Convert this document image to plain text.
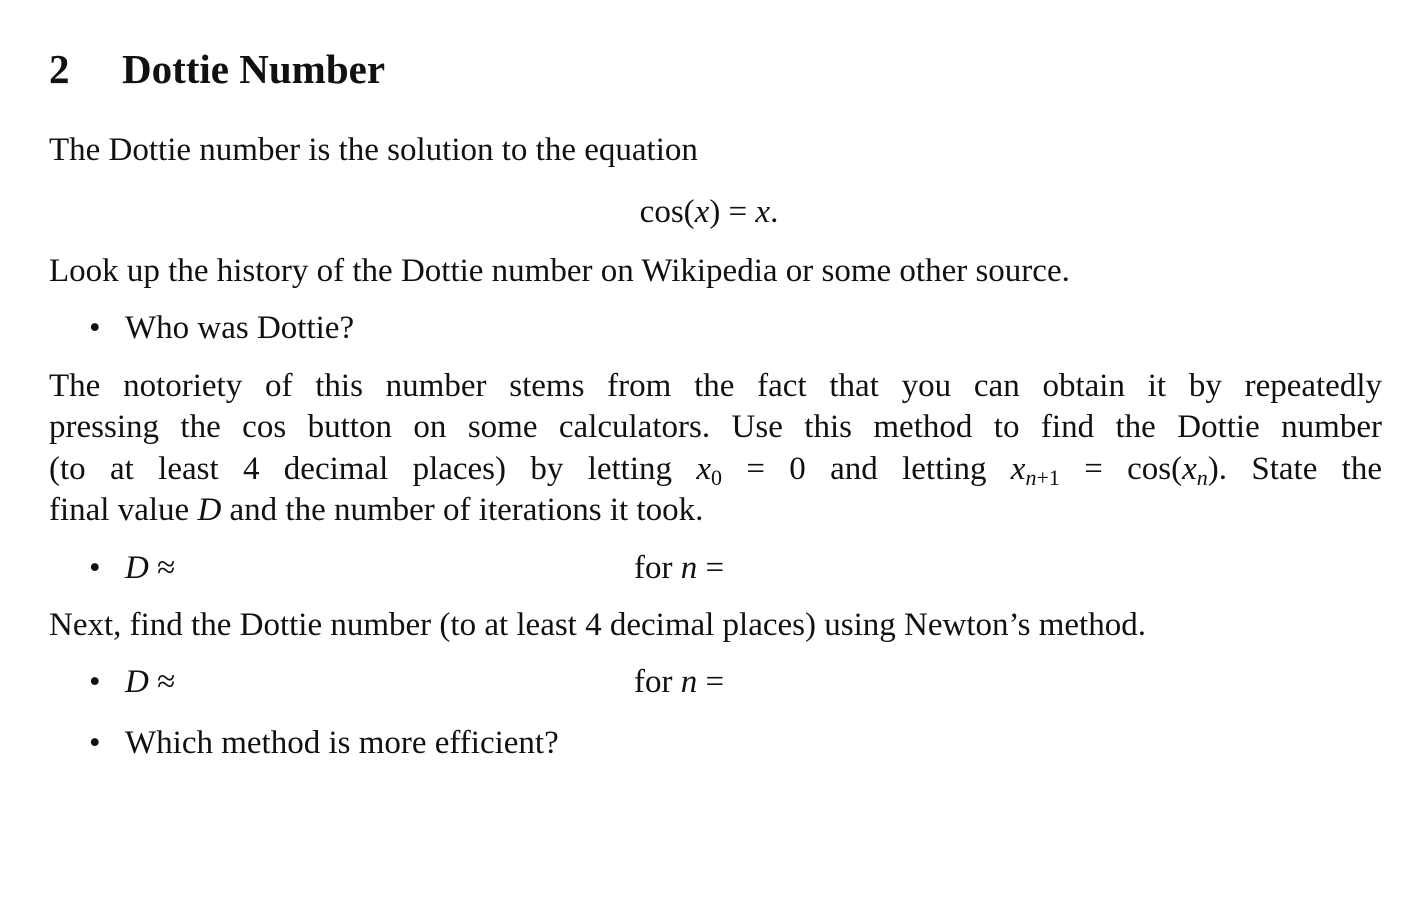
2 Dottie Number
The Dottie number is the solution to the equation
cos(x) = x.
Look up the history of the Dottie number on Wikipedia or some other source.
• Who was Dottie?
The notoriety of this number stems from the fact that you can obtain it by repeatedly
pressing the cos button on some calculators. Use this method to find the Dottie number
(to at least 4 decimal places) by letting $x_0 = 0$ and letting $xn_{+1} = \cos(xn)$. State the
final value D and the number of iterations it took.
• D ≈	for n =
Next, find the Dottie number (to at least 4 decimal places) using Newton’s method.
• D ≈	for n =
• Which method is more efficient?
